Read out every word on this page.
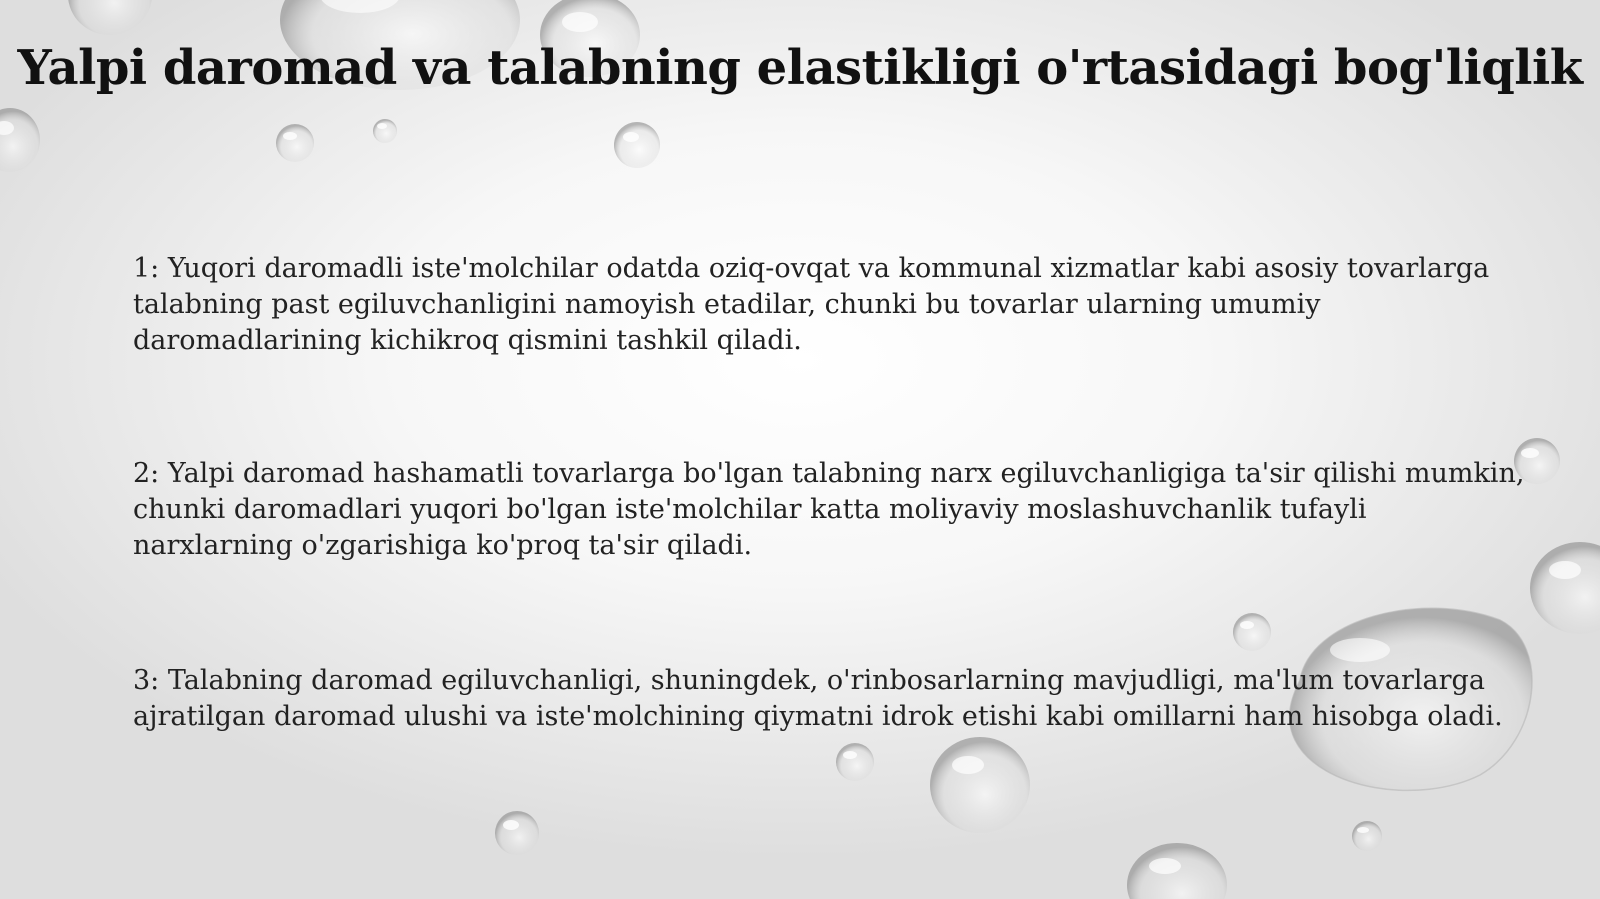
Yalpi daromad va talabning elastikligi o'rtasidagi bog'liqlik

1: Yuqori daromadli iste'molchilar odatda oziq-ovqat va kommunal xizmatlar kabi asosiy tovarlarga talabning past egiluvchanligini namoyish etadilar, chunki bu tovarlar ularning umumiy daromadlarining kichikroq qismini tashkil qiladi.

2: Yalpi daromad hashamatli tovarlarga bo'lgan talabning narx egiluvchanligiga ta'sir qilishi mumkin, chunki daromadlari yuqori bo'lgan iste'molchilar katta moliyaviy moslashuvchanlik tufayli narxlarning o'zgarishiga ko'proq ta'sir qiladi.

3: Talabning daromad egiluvchanligi, shuningdek, o'rinbosarlarning mavjudligi, ma'lum tovarlarga ajratilgan daromad ulushi va iste'molchining qiymatni idrok etishi kabi omillarni ham hisobga oladi.
